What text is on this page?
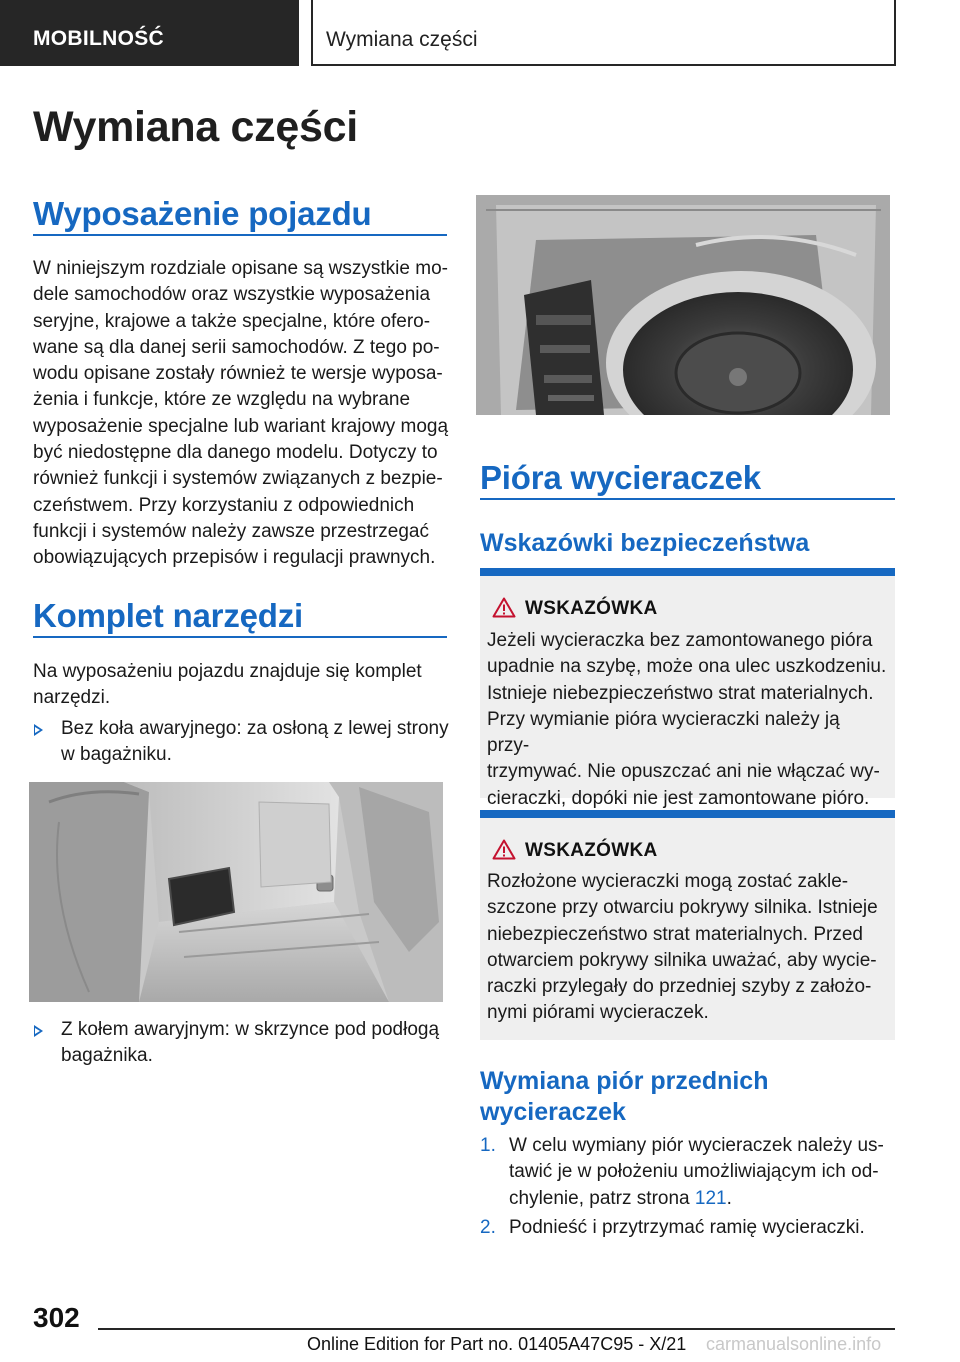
MOBILNOŚĆ	Wymiana części
Wymiana części
Wyposażenie pojazdu
W niniejszym rozdziale opisane są wszystkie mo-
dele samochodów oraz wszystkie wyposażenia
seryjne, krajowe a także specjalne, które ofero-
wane są dla danej serii samochodów. Z tego po-
wodu opisane zostały również te wersje wyposa-
żenia i funkcje, które ze względu na wybrane
wyposażenie specjalne lub wariant krajowy mogą
być niedostępne dla danego modelu. Dotyczy to
również funkcji i systemów związanych z bezpie-
czeństwem. Przy korzystaniu z odpowiednich
funkcji i systemów należy zawsze przestrzegać
obowiązujących przepisów i regulacji prawnych.
Komplet narzędzi
Na wyposażeniu pojazdu znajduje się komplet
narzędzi.
Bez koła awaryjnego: za osłoną z lewej strony
w bagażniku.
Z kołem awaryjnym: w skrzynce pod podłogą
bagażnika.
Pióra wycieraczek
Wskazówki bezpieczeństwa
WSKAZÓWKA
Jeżeli wycieraczka bez zamontowanego pióra
upadnie na szybę, może ona ulec uszkodzeniu.
Istnieje niebezpieczeństwo strat materialnych.
Przy wymianie pióra wycieraczki należy ją przy-
trzymywać. Nie opuszczać ani nie włączać wy-
cieraczki, dopóki nie jest zamontowane pióro.
WSKAZÓWKA
Rozłożone wycieraczki mogą zostać zakle-
szczone przy otwarciu pokrywy silnika. Istnieje
niebezpieczeństwo strat materialnych. Przed
otwarciem pokrywy silnika uważać, aby wycie-
raczki przylegały do przedniej szyby z założo-
nymi piórami wycieraczek.
Wymiana piór przednich
wycieraczek
1. W celu wymiany piór wycieraczek należy us-
tawić je w położeniu umożliwiającym ich od-
chylenie, patrz strona 121.
2. Podnieść i przytrzymać ramię wycieraczki.
302
Online Edition for Part no. 01405A47C95 - X/21 carmanualsonline.info
